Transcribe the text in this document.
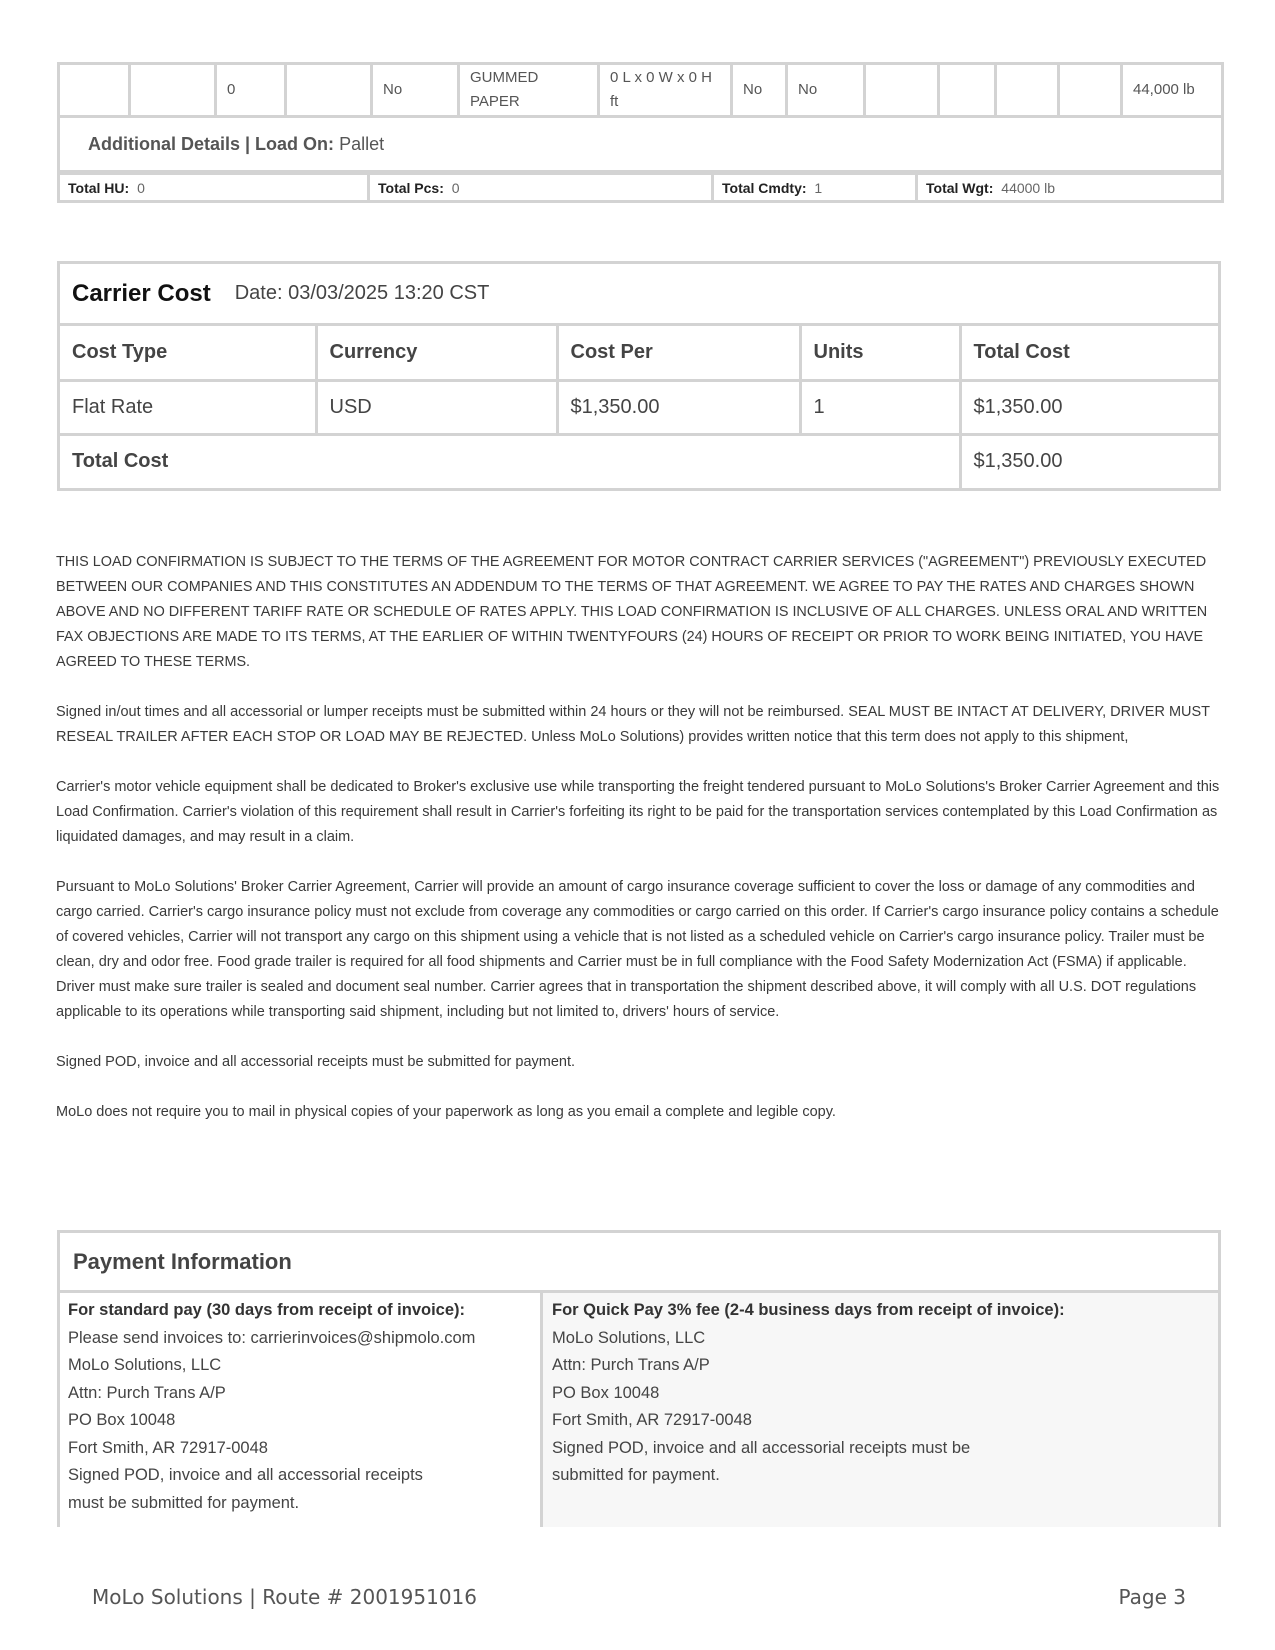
		0		No	GUMMED PAPER	0 L x 0 W x 0 H ft	No	No					44,000 lb
Additional Details | Load On: Pallet
Total HU: 0	Total Pcs: 0	Total Cmdty: 1	Total Wgt: 44000 lb
Carrier Cost Date: 03/03/2025 13:20 CST
Cost Type	Currency	Cost Per	Units	Total Cost
Flat Rate	USD	$1,350.00	1	$1,350.00
Total Cost				$1,350.00

THIS LOAD CONFIRMATION IS SUBJECT TO THE TERMS OF THE AGREEMENT FOR MOTOR CONTRACT CARRIER SERVICES ("AGREEMENT") PREVIOUSLY EXECUTED BETWEEN OUR COMPANIES AND THIS CONSTITUTES AN ADDENDUM TO THE TERMS OF THAT AGREEMENT. WE AGREE TO PAY THE RATES AND CHARGES SHOWN ABOVE AND NO DIFFERENT TARIFF RATE OR SCHEDULE OF RATES APPLY. THIS LOAD CONFIRMATION IS INCLUSIVE OF ALL CHARGES. UNLESS ORAL AND WRITTEN FAX OBJECTIONS ARE MADE TO ITS TERMS, AT THE EARLIER OF WITHIN TWENTYFOURS (24) HOURS OF RECEIPT OR PRIOR TO WORK BEING INITIATED, YOU HAVE AGREED TO THESE TERMS.

Signed in/out times and all accessorial or lumper receipts must be submitted within 24 hours or they will not be reimbursed. SEAL MUST BE INTACT AT DELIVERY, DRIVER MUST RESEAL TRAILER AFTER EACH STOP OR LOAD MAY BE REJECTED. Unless MoLo Solutions) provides written notice that this term does not apply to this shipment,

Carrier's motor vehicle equipment shall be dedicated to Broker's exclusive use while transporting the freight tendered pursuant to MoLo Solutions's Broker Carrier Agreement and this Load Confirmation. Carrier's violation of this requirement shall result in Carrier's forfeiting its right to be paid for the transportation services contemplated by this Load Confirmation as liquidated damages, and may result in a claim.

Pursuant to MoLo Solutions' Broker Carrier Agreement, Carrier will provide an amount of cargo insurance coverage sufficient to cover the loss or damage of any commodities and cargo carried. Carrier's cargo insurance policy must not exclude from coverage any commodities or cargo carried on this order. If Carrier's cargo insurance policy contains a schedule of covered vehicles, Carrier will not transport any cargo on this shipment using a vehicle that is not listed as a scheduled vehicle on Carrier's cargo insurance policy. Trailer must be clean, dry and odor free. Food grade trailer is required for all food shipments and Carrier must be in full compliance with the Food Safety Modernization Act (FSMA) if applicable. Driver must make sure trailer is sealed and document seal number. Carrier agrees that in transportation the shipment described above, it will comply with all U.S. DOT regulations applicable to its operations while transporting said shipment, including but not limited to, drivers' hours of service.

Signed POD, invoice and all accessorial receipts must be submitted for payment.

MoLo does not require you to mail in physical copies of your paperwork as long as you email a complete and legible copy.

Payment Information
For standard pay (30 days from receipt of invoice):
Please send invoices to: carrierinvoices@shipmolo.com
MoLo Solutions, LLC
Attn: Purch Trans A/P
PO Box 10048
Fort Smith, AR 72917-0048
Signed POD, invoice and all accessorial receipts
must be submitted for payment.
For Quick Pay 3% fee (2-4 business days from receipt of invoice):
MoLo Solutions, LLC
Attn: Purch Trans A/P
PO Box 10048
Fort Smith, AR 72917-0048
Signed POD, invoice and all accessorial receipts must be
submitted for payment.
MoLo Solutions | Route # 2001951016	Page 3
